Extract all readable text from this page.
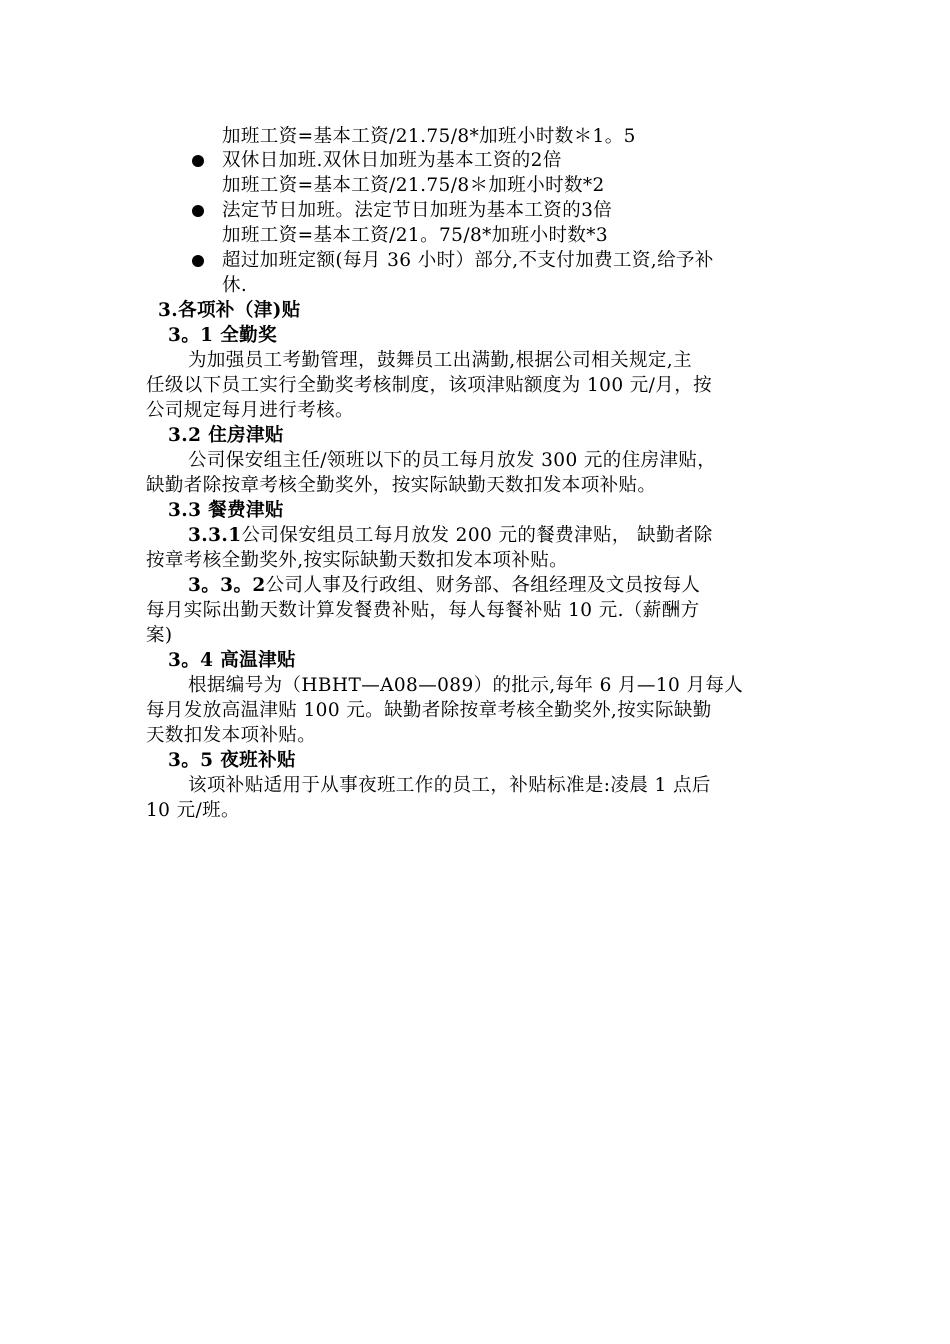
加班工资=基本工资/21.75/8*加班小时数＊1。5
双休日加班.双休日加班为基本工资的2倍
加班工资=基本工资/21.75/8＊加班小时数*2
法定节日加班。法定节日加班为基本工资的3倍
加班工资=基本工资/21。75/8*加班小时数*3
超过加班定额(每月 36 小时）部分,不支付加费工资,给予补
休.
3.各项补（津)贴
3。1 全勤奖
为加强员工考勤管理，鼓舞员工出满勤,根据公司相关规定,主
任级以下员工实行全勤奖考核制度，该项津贴额度为 100 元/月，按
公司规定每月进行考核。
3.2 住房津贴
公司保安组主任/领班以下的员工每月放发 300 元的住房津贴，
缺勤者除按章考核全勤奖外，按实际缺勤天数扣发本项补贴。
3.3 餐费津贴
3.3.1公司保安组员工每月放发 200 元的餐费津贴， 缺勤者除
按章考核全勤奖外,按实际缺勤天数扣发本项补贴。
3。3。2公司人事及行政组、财务部、各组经理及文员按每人
每月实际出勤天数计算发餐费补贴，每人每餐补贴 10 元.（薪酬方
案)
3。4 高温津贴
根据编号为（HBHT—A08—089）的批示,每年 6 月—10 月每人
每月发放高温津贴 100 元。缺勤者除按章考核全勤奖外,按实际缺勤
天数扣发本项补贴。
3。5 夜班补贴
该项补贴适用于从事夜班工作的员工，补贴标准是:凌晨 1 点后
10 元/班。
